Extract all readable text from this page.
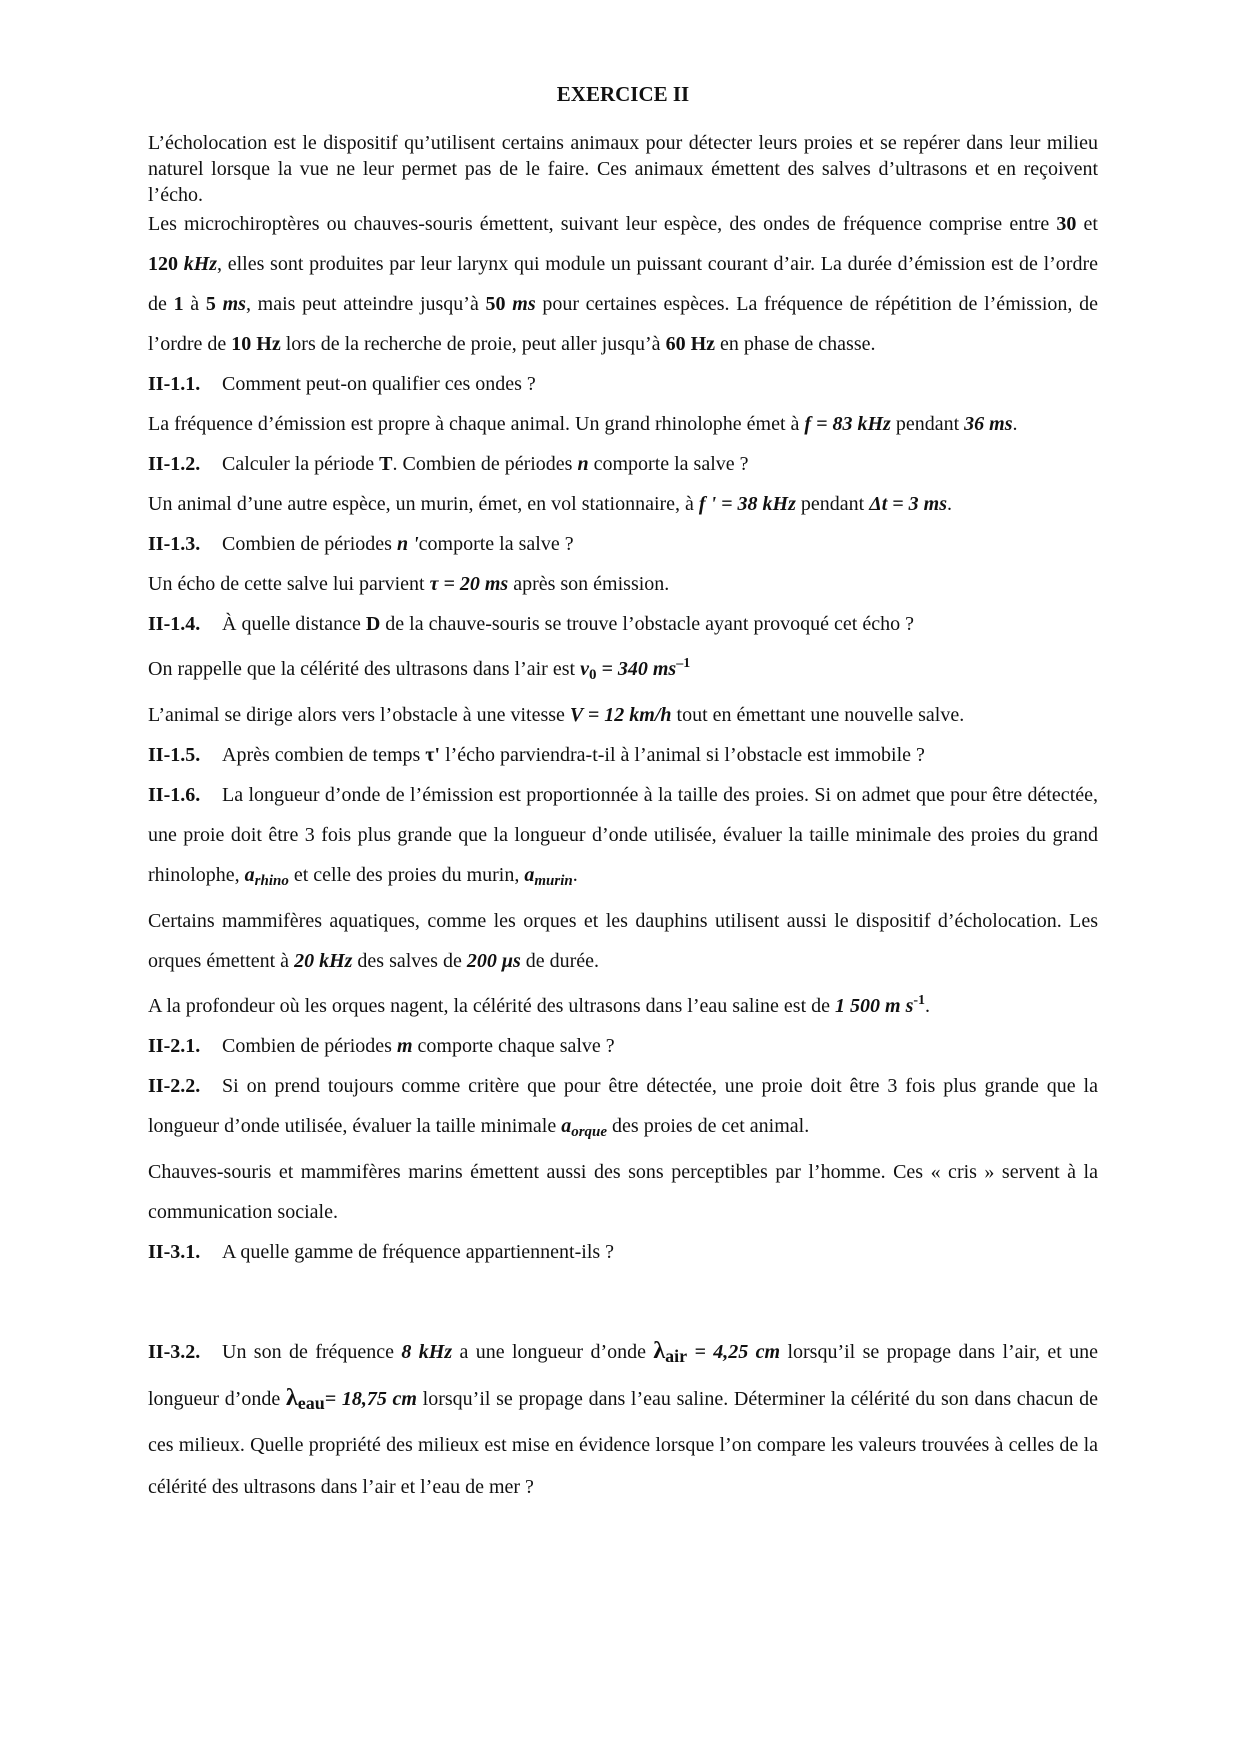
EXERCICE II

L’écholocation est le dispositif qu’utilisent certains animaux pour détecter leurs proies et se repérer dans leur milieu naturel lorsque la vue ne leur permet pas de le faire. Ces animaux émettent des salves d’ultrasons et en reçoivent l’écho.

Les microchiroptères ou chauves-souris émettent, suivant leur espèce, des ondes de fréquence comprise entre 30 et 120 kHz, elles sont produites par leur larynx qui module un puissant courant d’air. La durée d’émission est de l’ordre de 1 à 5 ms, mais peut atteindre jusqu’à 50 ms pour certaines espèces. La fréquence de répétition de l’émission, de l’ordre de 10 Hz lors de la recherche de proie, peut aller jusqu’à 60 Hz en phase de chasse.

II-1.1. Comment peut-on qualifier ces ondes ?

La fréquence d’émission est propre à chaque animal. Un grand rhinolophe émet à f = 83 kHz pendant 36 ms.

II-1.2. Calculer la période T. Combien de périodes n comporte la salve ?

Un animal d’une autre espèce, un murin, émet, en vol stationnaire, à f ' = 38 kHz pendant Δt = 3 ms.

II-1.3. Combien de périodes n 'comporte la salve ?

Un écho de cette salve lui parvient τ = 20 ms après son émission.

II-1.4. À quelle distance D de la chauve-souris se trouve l’obstacle ayant provoqué cet écho ?

On rappelle que la célérité des ultrasons dans l’air est $v_0 = 340$ $ms^{-1}$

L’animal se dirige alors vers l’obstacle à une vitesse V = 12 km/h tout en émettant une nouvelle salve.

II-1.5. Après combien de temps τ' l’écho parviendra-t-il à l’animal si l’obstacle est immobile ?

II-1.6. La longueur d’onde de l’émission est proportionnée à la taille des proies. Si on admet que pour être détectée, une proie doit être 3 fois plus grande que la longueur d’onde utilisée, évaluer la taille minimale des proies du grand rhinolophe, $a_{rhino}$ et celle des proies du murin, $a_{murin}$.

Certains mammifères aquatiques, comme les orques et les dauphins utilisent aussi le dispositif d’écholocation. Les orques émettent à 20 kHz des salves de 200 μs de durée.

A la profondeur où les orques nagent, la célérité des ultrasons dans l’eau saline est de 1 500 m $s^{-1}$.

II-2.1. Combien de périodes m comporte chaque salve ?

II-2.2. Si on prend toujours comme critère que pour être détectée, une proie doit être 3 fois plus grande que la longueur d’onde utilisée, évaluer la taille minimale $a_{orque}$ des proies de cet animal.

Chauves-souris et mammifères marins émettent aussi des sons perceptibles par l’homme. Ces « cris » servent à la communication sociale.

II-3.1. A quelle gamme de fréquence appartiennent-ils ?

II-3.2. Un son de fréquence 8 kHz a une longueur d’onde λair = 4,25 cm lorsqu’il se propage dans l’air, et une longueur d’onde λeau= 18,75 cm lorsqu’il se propage dans l’eau saline. Déterminer la célérité du son dans chacun de ces milieux. Quelle propriété des milieux est mise en évidence lorsque l’on compare les valeurs trouvées à celles de la célérité des ultrasons dans l’air et l’eau de mer ?
